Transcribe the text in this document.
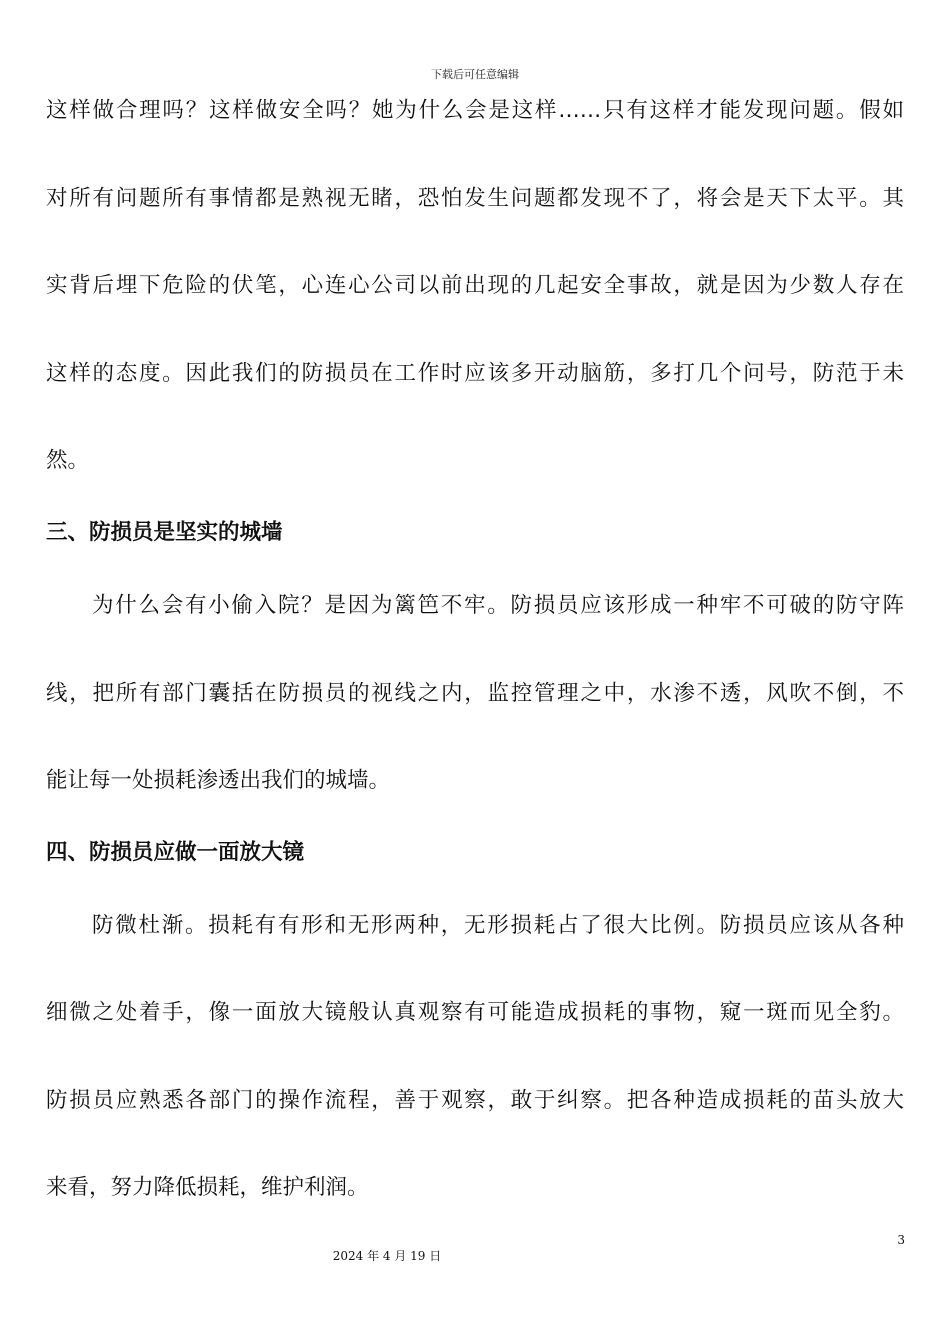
下载后可任意编辑
这样做合理吗？这样做安全吗？她为什么会是这样……只有这样才能发现问题。假如
对所有问题所有事情都是熟视无睹，恐怕发生问题都发现不了，将会是天下太平。其
实背后埋下危险的伏笔，心连心公司以前出现的几起安全事故，就是因为少数人存在
这样的态度。因此我们的防损员在工作时应该多开动脑筋，多打几个问号，防范于未
然。
三、防损员是坚实的城墙
为什么会有小偷入院？是因为篱笆不牢。防损员应该形成一种牢不可破的防守阵
线，把所有部门囊括在防损员的视线之内，监控管理之中，水渗不透，风吹不倒，不
能让每一处损耗渗透出我们的城墙。
四、防损员应做一面放大镜
防微杜渐。损耗有有形和无形两种，无形损耗占了很大比例。防损员应该从各种
细微之处着手，像一面放大镜般认真观察有可能造成损耗的事物，窥一斑而见全豹。
防损员应熟悉各部门的操作流程，善于观察，敢于纠察。把各种造成损耗的苗头放大
来看，努力降低损耗，维护利润。
3
2024 年 4 月 19 日
